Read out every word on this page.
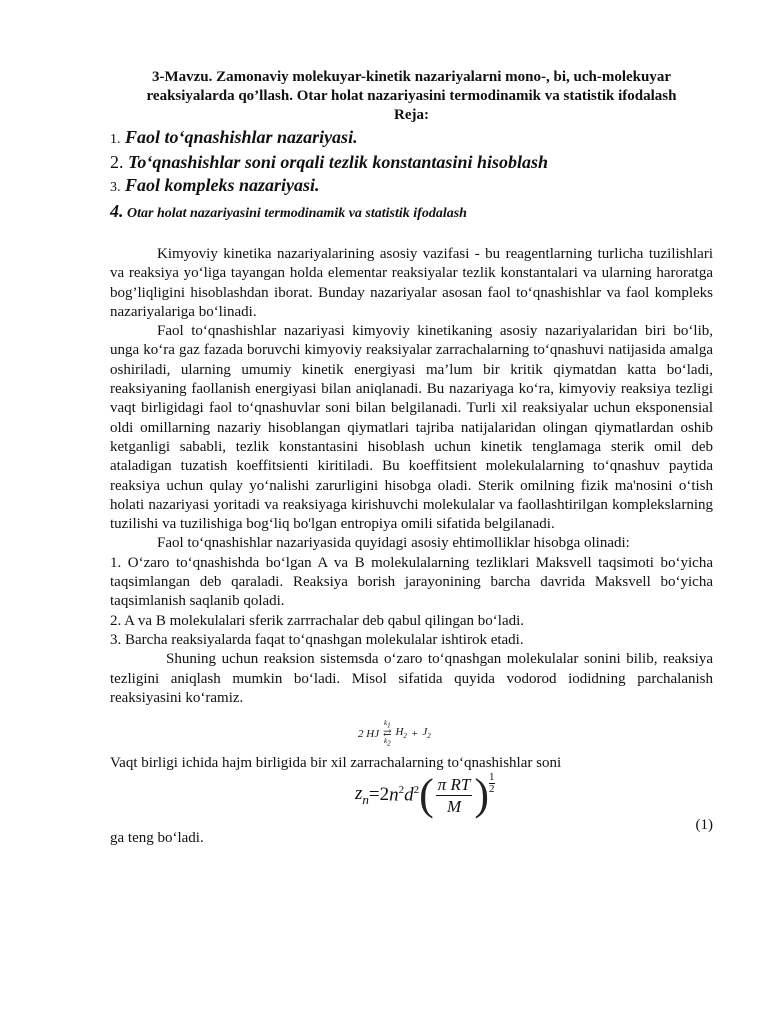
3-Mavzu. Zamonaviy molekuyar-kinetik nazariyalarni mono-, bi, uch-molekuyar reaksiyalarda qo’llash. Otar holat nazariyasini termodinamik va statistik ifodalash

Reja:

1. Faol to‘qnashishlar nazariyasi.
2. To‘qnashishlar soni orqali tezlik konstantasini hisoblash
3. Faol kompleks nazariyasi.
4. Otar holat nazariyasini termodinamik va statistik ifodalash

Kimyoviy kinetika nazariyalarining asosiy vazifasi - bu reagentlarning turlicha tuzilishlari va reaksiya yo‘liga tayangan holda elementar reaksiyalar tezlik konstantalari va ularning haroratga bog’liqligini hisoblashdan iborat. Bunday nazariyalar asosan faol to‘qnashishlar va faol kompleks nazariyalariga bo‘linadi.

Faol to‘qnashishlar nazariyasi kimyoviy kinetikaning asosiy nazariyalaridan biri bo‘lib, unga ko‘ra gaz fazada boruvchi kimyoviy reaksiyalar zarrachalarning to‘qnashuvi natijasida amalga oshiriladi, ularning umumiy kinetik energiyasi ma’lum bir kritik qiymatdan katta bo‘ladi, reaksiyaning faollanish energiyasi bilan aniqlanadi. Bu nazariyaga ko‘ra, kimyoviy reaksiya tezligi vaqt birligidagi faol to‘qnashuvlar soni bilan belgilanadi. Turli xil reaksiyalar uchun eksponensial oldi omillarning nazariy hisoblangan qiymatlari tajriba natijalaridan olingan qiymatlardan oshib ketganligi sababli, tezlik konstantasini hisoblash uchun kinetik tenglamaga sterik omil deb ataladigan tuzatish koeffitsienti kiritiladi. Bu koeffitsient molekulalarning to‘qnashuv paytida reaksiya uchun qulay yo‘nalishi zarurligini hisobga oladi. Sterik omilning fizik ma'nosini o‘tish holati nazariyasi yoritadi va reaksiyaga kirishuvchi molekulalar va faollashtirilgan komplekslarning tuzilishi va tuzilishiga bog‘liq bo'lgan entropiya omili sifatida belgilanadi.

Faol to‘qnashishlar nazariyasida quyidagi asosiy ehtimolliklar hisobga olinadi:

1. O‘zaro to‘qnashishda bo‘lgan A va B molekulalarning tezliklari Maksvell taqsimoti bo‘yicha taqsimlangan deb qaraladi. Reaksiya borish jarayonining barcha davrida Maksvell bo‘yicha taqsimlanish saqlanib qoladi.

2. A va B molekulalari sferik zarrrachalar deb qabul qilingan bo‘ladi.

3. Barcha reaksiyalarda faqat to‘qnashgan molekulalar ishtirok etadi.

Shuning uchun reaksion sistemsda o‘zaro to‘qnashgan molekulalar sonini bilib, reaksiya tezligini aniqlash mumkin bo‘ladi. Misol sifatida quyida vodorod iodidning parchalanish reaksiyasini ko‘ramiz.

2 HJ
$k_1$
⇄
$k_2$
$H_2 + J_2$

Vaqt birligi ichida hajm birligida bir xil zarrachalarning to‘qnashishlar soni

$z_n =2$ $n^2$ $d^2$ ( $\frac{\text{π RT}}{M}$ ) 1
2
(1)

ga teng bo‘ladi.
